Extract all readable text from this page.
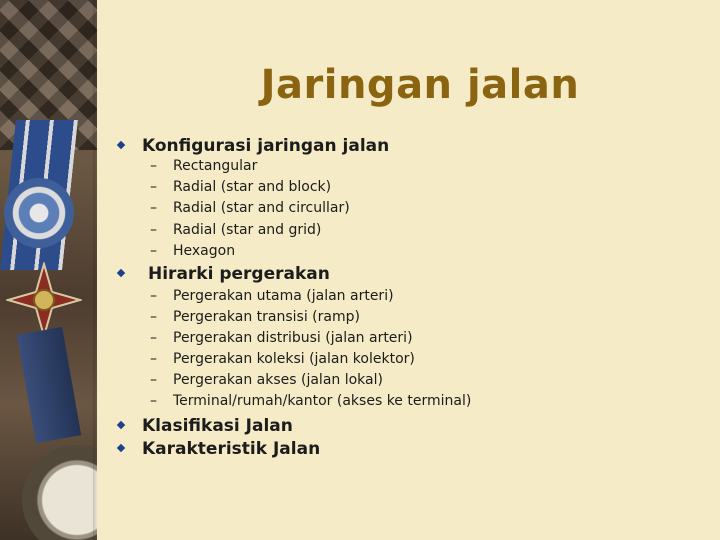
Jaringan jalan
Konfigurasi jaringan jalan
– Rectangular
– Radial (star and block)
– Radial (star and circullar)
– Radial (star and grid)
– Hexagon
Hirarki pergerakan
– Pergerakan utama (jalan arteri)
– Pergerakan transisi (ramp)
– Pergerakan distribusi (jalan arteri)
– Pergerakan koleksi (jalan kolektor)
– Pergerakan akses (jalan lokal)
– Terminal/rumah/kantor (akses ke terminal)
Klasifikasi Jalan
Karakteristik Jalan
